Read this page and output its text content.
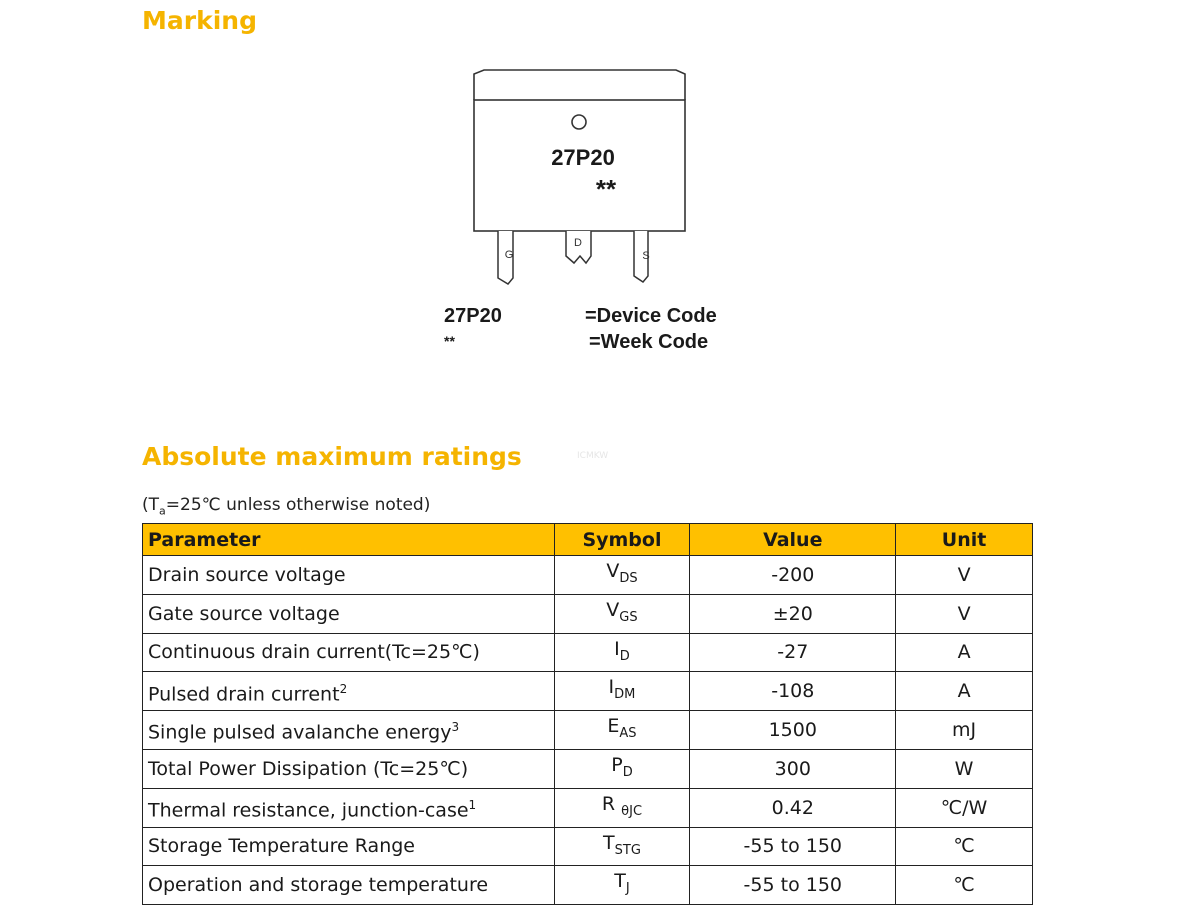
Marking
27P20
**
G
D
S
27P20
**
=Device Code
=Week Code
Absolute maximum ratings	ICMKW
($T_a=25℃$ unless otherwise noted)
Parameter	Symbol	Value	Unit
Drain source voltage	$V_{DS}$	-200	V
Gate source voltage	$V_{GS}$	±20	V
Continuous drain current(Tc=25℃)	$I_D$	-27	A
Pulsed drain current$^2$	$I_{DM}$	-108	A
Single pulsed avalanche energy$^3$	$E_{AS}$	1500	mJ
Total Power Dissipation (Tc=25℃)	$P_D$	300	W
Thermal resistance, junction-case$^1$	R $_{\theta JC}$	0.42	℃/W
Storage Temperature Range	$T_{STG}$	-55 to 150	℃
Operation and storage temperature	$T_J$	-55 to 150	℃
